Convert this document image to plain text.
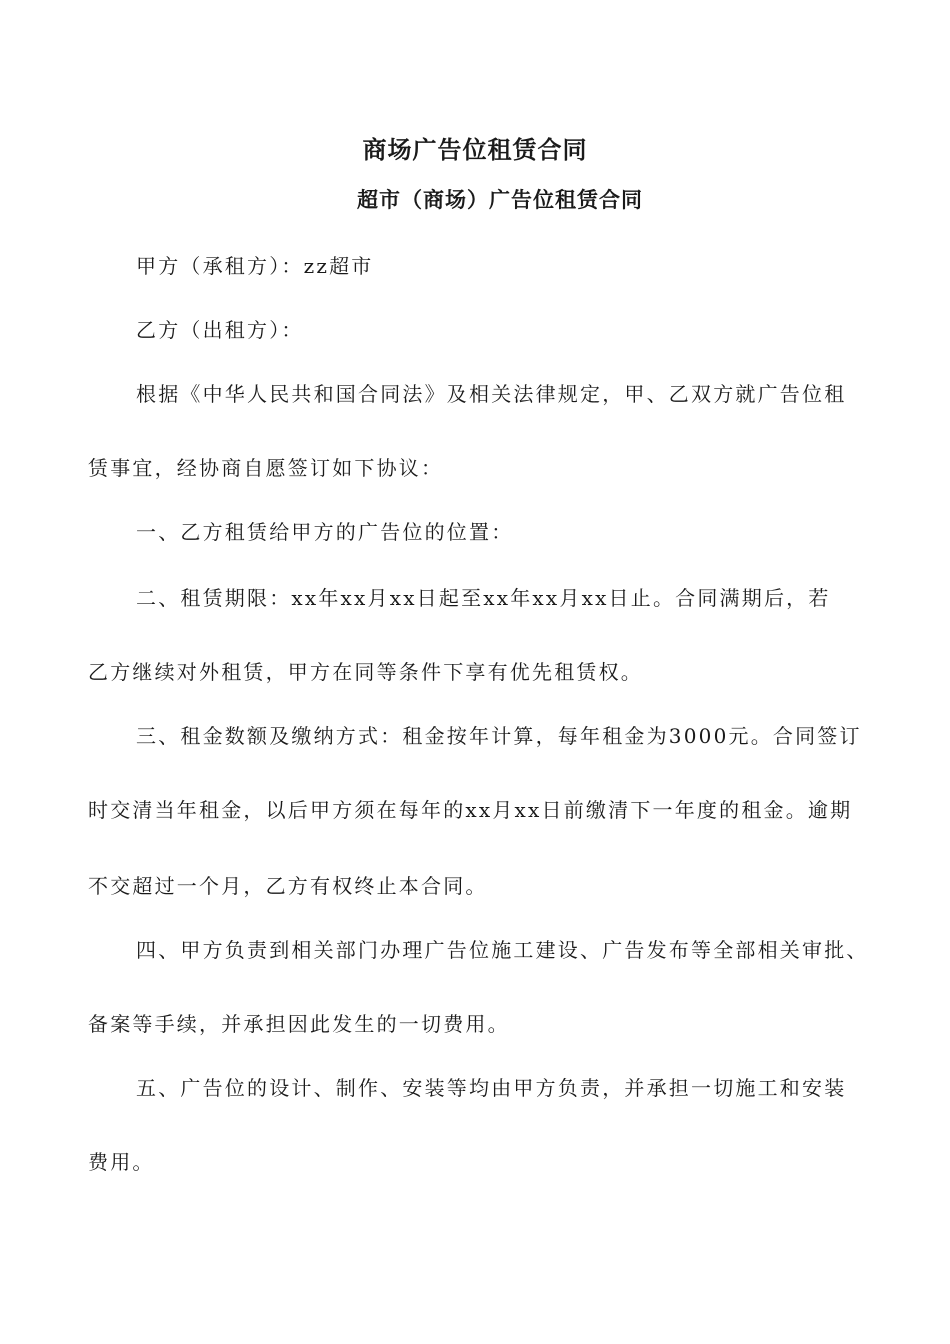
商场广告位租赁合同
超市（商场）广告位租赁合同
甲方（承租方）：zz超市
乙方（出租方）：
根据《中华人民共和国合同法》及相关法律规定，甲、乙双方就广告位租
赁事宜，经协商自愿签订如下协议：
一、乙方租赁给甲方的广告位的位置：
二、租赁期限：xx年xx月xx日起至xx年xx月xx日止。合同满期后，若
乙方继续对外租赁，甲方在同等条件下享有优先租赁权。
三、租金数额及缴纳方式：租金按年计算，每年租金为3000元。合同签订
时交清当年租金，以后甲方须在每年的xx月xx日前缴清下一年度的租金。逾期
不交超过一个月，乙方有权终止本合同。
四、甲方负责到相关部门办理广告位施工建设、广告发布等全部相关审批、
备案等手续，并承担因此发生的一切费用。
五、广告位的设计、制作、安装等均由甲方负责，并承担一切施工和安装
费用。
